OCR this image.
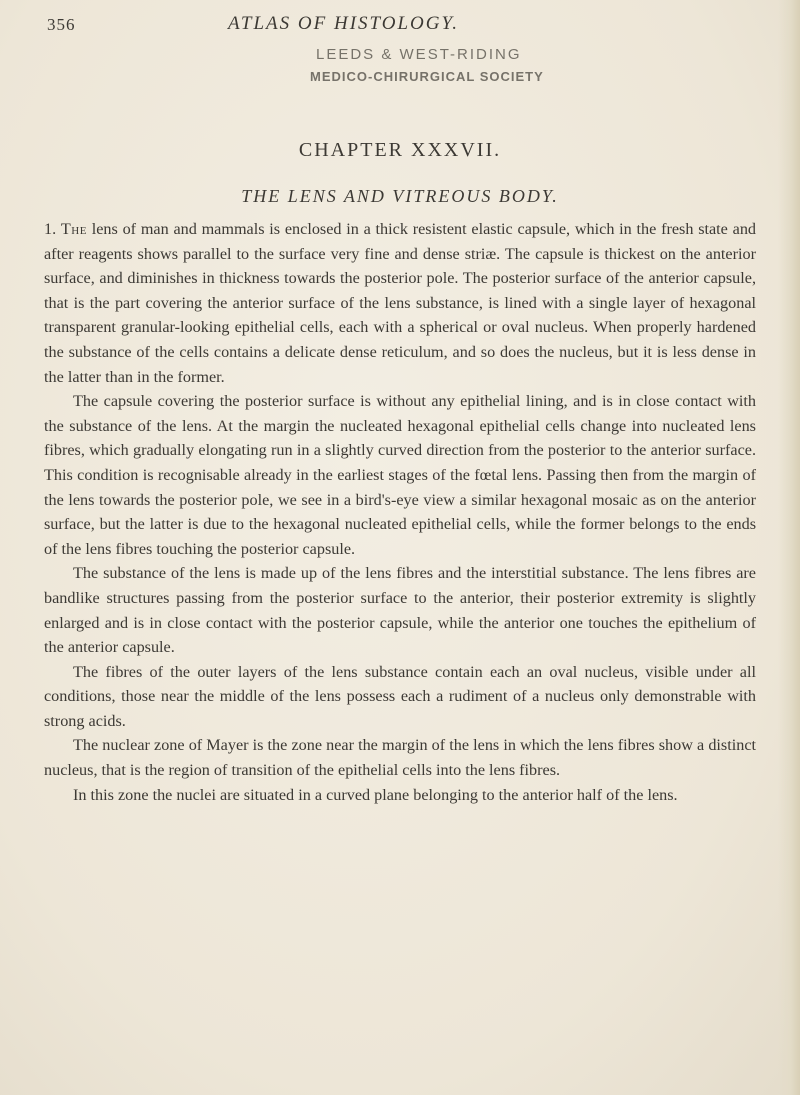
356	ATLAS OF HISTOLOGY.
LEEDS & WEST-RIDING
MEDICO-CHIRURGICAL SOCIETY
CHAPTER XXXVII.
THE LENS AND VITREOUS BODY.

1. The lens of man and mammals is enclosed in a thick resistent elastic capsule, which in the fresh state and after reagents shows parallel to the surface very fine and dense striæ. The capsule is thickest on the anterior surface, and diminishes in thickness towards the posterior pole. The posterior surface of the anterior capsule, that is the part covering the anterior surface of the lens substance, is lined with a single layer of hexagonal transparent granular-looking epithelial cells, each with a spherical or oval nucleus. When properly hardened the substance of the cells contains a delicate dense reticulum, and so does the nucleus, but it is less dense in the latter than in the former.

The capsule covering the posterior surface is without any epithelial lining, and is in close contact with the substance of the lens. At the margin the nucleated hexagonal epithelial cells change into nucleated lens fibres, which gradually elongating run in a slightly curved direction from the posterior to the anterior surface. This condition is recognisable already in the earliest stages of the fœtal lens. Passing then from the margin of the lens towards the posterior pole, we see in a bird's-eye view a similar hexagonal mosaic as on the anterior surface, but the latter is due to the hexagonal nucleated epithelial cells, while the former belongs to the ends of the lens fibres touching the posterior capsule.

The substance of the lens is made up of the lens fibres and the interstitial substance. The lens fibres are bandlike structures passing from the posterior surface to the anterior, their posterior extremity is slightly enlarged and is in close contact with the posterior capsule, while the anterior one touches the epithelium of the anterior capsule.

The fibres of the outer layers of the lens substance contain each an oval nucleus, visible under all conditions, those near the middle of the lens possess each a rudiment of a nucleus only demonstrable with strong acids.

The nuclear zone of Mayer is the zone near the margin of the lens in which the lens fibres show a distinct nucleus, that is the region of transition of the epithelial cells into the lens fibres.

In this zone the nuclei are situated in a curved plane belonging to the anterior half of the lens.
